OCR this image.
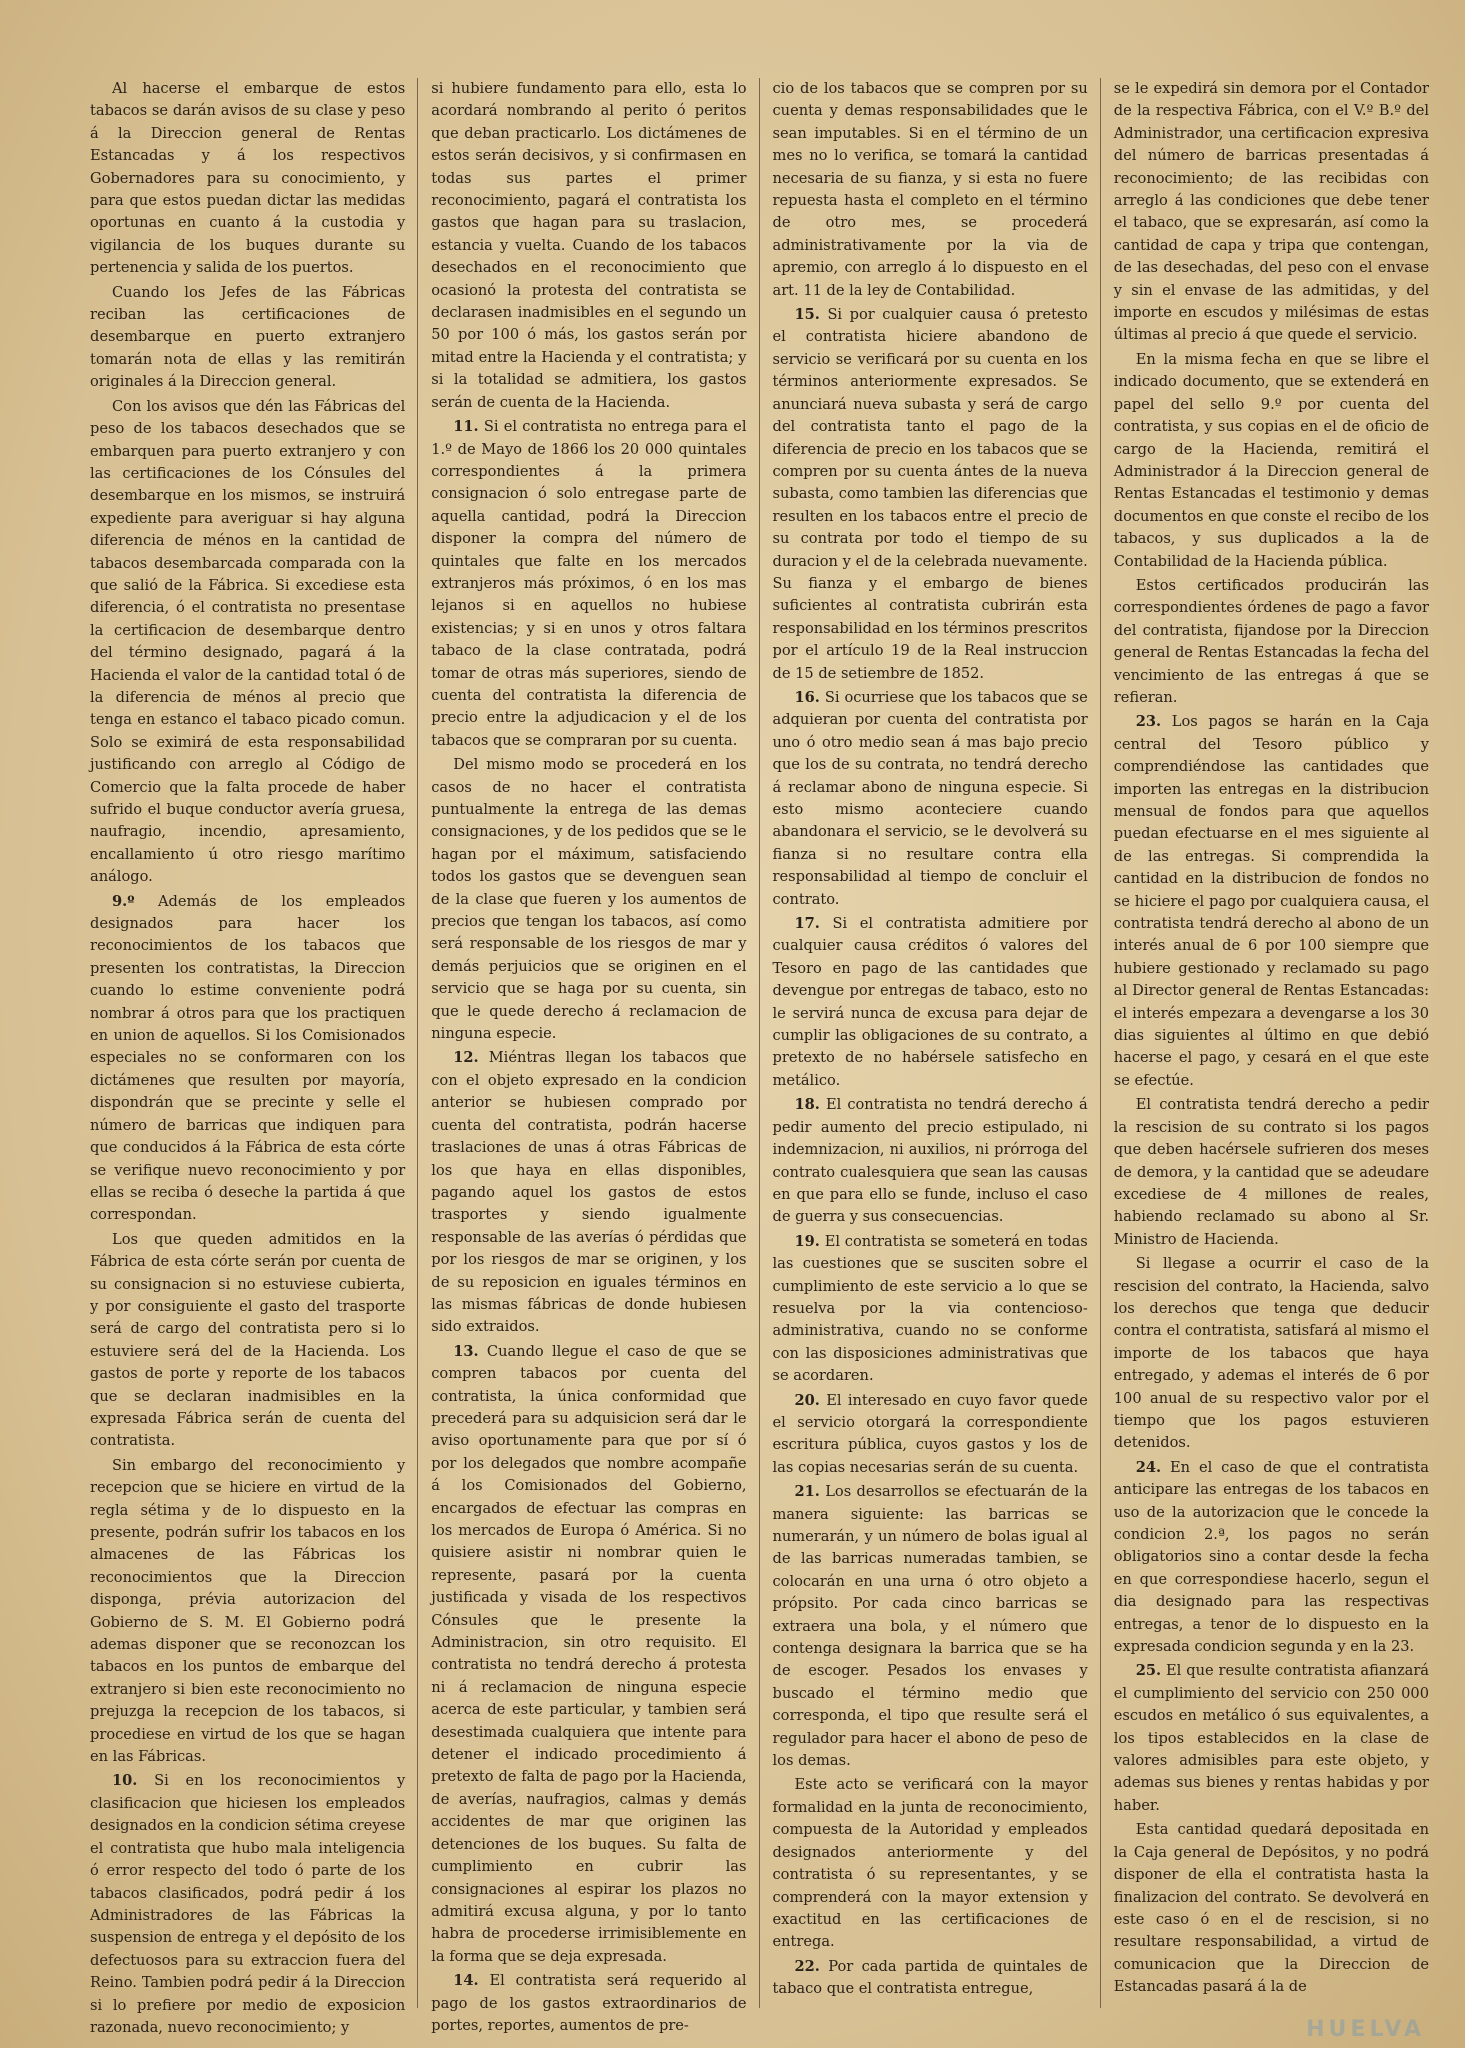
Al hacerse el embarque de estos tabacos se darán avisos de su clase y peso á la Direccion general de Rentas Estancadas y á los respectivos Gobernadores para su conocimiento, y para que estos puedan dictar las medidas oportunas en cuanto á la custodia y vigilancia de los buques durante su pertenencia y salida de los puertos.

Cuando los Jefes de las Fábricas reciban las certificaciones de desembarque en puerto extranjero tomarán nota de ellas y las remitirán originales á la Direccion general.

Con los avisos que dén las Fábricas del peso de los tabacos desechados que se embarquen para puerto extranjero y con las certificaciones de los Cónsules del desembarque en los mismos, se instruirá expediente para averiguar si hay alguna diferencia de ménos en la cantidad de tabacos desembarcada comparada con la que salió de la Fábrica. Si excediese esta diferencia, ó el contratista no presentase la certificacion de desembarque dentro del término designado, pagará á la Hacienda el valor de la cantidad total ó de la diferencia de ménos al precio que tenga en estanco el tabaco picado comun. Solo se eximirá de esta responsabilidad justificando con arreglo al Código de Comercio que la falta procede de haber sufrido el buque conductor avería gruesa, naufragio, incendio, apresamiento, encallamiento ú otro riesgo marítimo análogo.

9.º Además de los empleados designados para hacer los reconocimientos de los tabacos que presenten los contratistas, la Direccion cuando lo estime conveniente podrá nombrar á otros para que los practiquen en union de aquellos. Si los Comisionados especiales no se conformaren con los dictámenes que resulten por mayoría, dispondrán que se precinte y selle el número de barricas que indiquen para que conducidos á la Fábrica de esta córte se verifique nuevo reconocimiento y por ellas se reciba ó deseche la partida á que correspondan.

Los que queden admitidos en la Fábrica de esta córte serán por cuenta de su consignacion si no estuviese cubierta, y por consiguiente el gasto del trasporte será de cargo del contratista pero si lo estuviere será del de la Hacienda. Los gastos de porte y reporte de los tabacos que se declaran inadmisibles en la expresada Fábrica serán de cuenta del contratista.

Sin embargo del reconocimiento y recepcion que se hiciere en virtud de la regla sétima y de lo dispuesto en la presente, podrán sufrir los tabacos en los almacenes de las Fábricas los reconocimientos que la Direccion disponga, prévia autorizacion del Gobierno de S. M. El Gobierno podrá ademas disponer que se reconozcan los tabacos en los puntos de embarque del extranjero si bien este reconocimiento no prejuzga la recepcion de los tabacos, si procediese en virtud de los que se hagan en las Fábricas.

10. Si en los reconocimientos y clasificacion que hiciesen los empleados designados en la condicion sétima creyese el contratista que hubo mala inteligencia ó error respecto del todo ó parte de los tabacos clasificados, podrá pedir á los Administradores de las Fábricas la suspension de entrega y el depósito de los defectuosos para su extraccion fuera del Reino. Tambien podrá pedir á la Direccion si lo prefiere por medio de exposicion razonada, nuevo reconocimiento; y

si hubiere fundamento para ello, esta lo acordará nombrando al perito ó peritos que deban practicarlo. Los dictámenes de estos serán decisivos, y si confirmasen en todas sus partes el primer reconocimiento, pagará el contratista los gastos que hagan para su traslacion, estancia y vuelta. Cuando de los tabacos desechados en el reconocimiento que ocasionó la protesta del contratista se declarasen inadmisibles en el segundo un 50 por 100 ó más, los gastos serán por mitad entre la Hacienda y el contratista; y si la totalidad se admitiera, los gastos serán de cuenta de la Hacienda.

11. Si el contratista no entrega para el 1.º de Mayo de 1866 los 20 000 quintales correspondientes á la primera consignacion ó solo entregase parte de aquella cantidad, podrá la Direccion disponer la compra del número de quintales que falte en los mercados extranjeros más próximos, ó en los mas lejanos si en aquellos no hubiese existencias; y si en unos y otros faltara tabaco de la clase contratada, podrá tomar de otras más superiores, siendo de cuenta del contratista la diferencia de precio entre la adjudicacion y el de los tabacos que se compraran por su cuenta.

Del mismo modo se procederá en los casos de no hacer el contratista puntualmente la entrega de las demas consignaciones, y de los pedidos que se le hagan por el máximum, satisfaciendo todos los gastos que se devenguen sean de la clase que fueren y los aumentos de precios que tengan los tabacos, así como será responsable de los riesgos de mar y demás perjuicios que se originen en el servicio que se haga por su cuenta, sin que le quede derecho á reclamacion de ninguna especie.

12. Miéntras llegan los tabacos que con el objeto expresado en la condicion anterior se hubiesen comprado por cuenta del contratista, podrán hacerse traslaciones de unas á otras Fábricas de los que haya en ellas disponibles, pagando aquel los gastos de estos trasportes y siendo igualmente responsable de las averías ó pérdidas que por los riesgos de mar se originen, y los de su reposicion en iguales términos en las mismas fábricas de donde hubiesen sido extraidos.

13. Cuando llegue el caso de que se compren tabacos por cuenta del contratista, la única conformidad que precederá para su adquisicion será dar le aviso oportunamente para que por sí ó por los delegados que nombre acompañe á los Comisionados del Gobierno, encargados de efectuar las compras en los mercados de Europa ó América. Si no quisiere asistir ni nombrar quien le represente, pasará por la cuenta justificada y visada de los respectivos Cónsules que le presente la Administracion, sin otro requisito. El contratista no tendrá derecho á protesta ni á reclamacion de ninguna especie acerca de este particular, y tambien será desestimada cualquiera que intente para detener el indicado procedimiento á pretexto de falta de pago por la Hacienda, de averías, naufragios, calmas y demás accidentes de mar que originen las detenciones de los buques. Su falta de cumplimiento en cubrir las consignaciones al espirar los plazos no admitirá excusa alguna, y por lo tanto habra de procederse irrimisiblemente en la forma que se deja expresada.

14. El contratista será requerido al pago de los gastos extraordinarios de portes, reportes, aumentos de pre-

cio de los tabacos que se compren por su cuenta y demas responsabilidades que le sean imputables. Si en el término de un mes no lo verifica, se tomará la cantidad necesaria de su fianza, y si esta no fuere repuesta hasta el completo en el término de otro mes, se procederá administrativamente por la via de apremio, con arreglo á lo dispuesto en el art. 11 de la ley de Contabilidad.

15. Si por cualquier causa ó pretesto el contratista hiciere abandono de servicio se verificará por su cuenta en los términos anteriormente expresados. Se anunciará nueva subasta y será de cargo del contratista tanto el pago de la diferencia de precio en los tabacos que se compren por su cuenta ántes de la nueva subasta, como tambien las diferencias que resulten en los tabacos entre el precio de su contrata por todo el tiempo de su duracion y el de la celebrada nuevamente. Su fianza y el embargo de bienes suficientes al contratista cubrirán esta responsabilidad en los términos prescritos por el artículo 19 de la Real instruccion de 15 de setiembre de 1852.

16. Si ocurriese que los tabacos que se adquieran por cuenta del contratista por uno ó otro medio sean á mas bajo precio que los de su contrata, no tendrá derecho á reclamar abono de ninguna especie. Si esto mismo aconteciere cuando abandonara el servicio, se le devolverá su fianza si no resultare contra ella responsabilidad al tiempo de concluir el contrato.

17. Si el contratista admitiere por cualquier causa créditos ó valores del Tesoro en pago de las cantidades que devengue por entregas de tabaco, esto no le servirá nunca de excusa para dejar de cumplir las obligaciones de su contrato, a pretexto de no habérsele satisfecho en metálico.

18. El contratista no tendrá derecho á pedir aumento del precio estipulado, ni indemnizacion, ni auxilios, ni prórroga del contrato cualesquiera que sean las causas en que para ello se funde, incluso el caso de guerra y sus consecuencias.

19. El contratista se someterá en todas las cuestiones que se susciten sobre el cumplimiento de este servicio a lo que se resuelva por la via contencioso-administrativa, cuando no se conforme con las disposiciones administrativas que se acordaren.

20. El interesado en cuyo favor quede el servicio otorgará la correspondiente escritura pública, cuyos gastos y los de las copias necesarias serán de su cuenta.

21. Los desarrollos se efectuarán de la manera siguiente: las barricas se numerarán, y un número de bolas igual al de las barricas numeradas tambien, se colocarán en una urna ó otro objeto a própsito. Por cada cinco barricas se extraera una bola, y el número que contenga designara la barrica que se ha de escoger. Pesados los envases y buscado el término medio que corresponda, el tipo que resulte será el regulador para hacer el abono de peso de los demas.

Este acto se verificará con la mayor formalidad en la junta de reconocimiento, compuesta de la Autoridad y empleados designados anteriormente y del contratista ó su representantes, y se comprenderá con la mayor extension y exactitud en las certificaciones de entrega.

22. Por cada partida de quintales de tabaco que el contratista entregue,

se le expedirá sin demora por el Contador de la respectiva Fábrica, con el V.º B.º del Administrador, una certificacion expresiva del número de barricas presentadas á reconocimiento; de las recibidas con arreglo á las condiciones que debe tener el tabaco, que se expresarán, así como la cantidad de capa y tripa que contengan, de las desechadas, del peso con el envase y sin el envase de las admitidas, y del importe en escudos y milésimas de estas últimas al precio á que quede el servicio.

En la misma fecha en que se libre el indicado documento, que se extenderá en papel del sello 9.º por cuenta del contratista, y sus copias en el de oficio de cargo de la Hacienda, remitirá el Administrador á la Direccion general de Rentas Estancadas el testimonio y demas documentos en que conste el recibo de los tabacos, y sus duplicados a la de Contabilidad de la Hacienda pública.

Estos certificados producirán las correspondientes órdenes de pago a favor del contratista, fijandose por la Direccion general de Rentas Estancadas la fecha del vencimiento de las entregas á que se refieran.

23. Los pagos se harán en la Caja central del Tesoro público y comprendiéndose las cantidades que importen las entregas en la distribucion mensual de fondos para que aquellos puedan efectuarse en el mes siguiente al de las entregas. Si comprendida la cantidad en la distribucion de fondos no se hiciere el pago por cualquiera causa, el contratista tendrá derecho al abono de un interés anual de 6 por 100 siempre que hubiere gestionado y reclamado su pago al Director general de Rentas Estancadas: el interés empezara a devengarse a los 30 dias siguientes al último en que debió hacerse el pago, y cesará en el que este se efectúe.

El contratista tendrá derecho a pedir la rescision de su contrato si los pagos que deben hacérsele sufrieren dos meses de demora, y la cantidad que se adeudare excediese de 4 millones de reales, habiendo reclamado su abono al Sr. Ministro de Hacienda.

Si llegase a ocurrir el caso de la rescision del contrato, la Hacienda, salvo los derechos que tenga que deducir contra el contratista, satisfará al mismo el importe de los tabacos que haya entregado, y ademas el interés de 6 por 100 anual de su respectivo valor por el tiempo que los pagos estuvieren detenidos.

24. En el caso de que el contratista anticipare las entregas de los tabacos en uso de la autorizacion que le concede la condicion 2.ª, los pagos no serán obligatorios sino a contar desde la fecha en que correspondiese hacerlo, segun el dia designado para las respectivas entregas, a tenor de lo dispuesto en la expresada condicion segunda y en la 23.

25. El que resulte contratista afianzará el cumplimiento del servicio con 250 000 escudos en metálico ó sus equivalentes, a los tipos establecidos en la clase de valores admisibles para este objeto, y ademas sus bienes y rentas habidas y por haber.

Esta cantidad quedará depositada en la Caja general de Depósitos, y no podrá disponer de ella el contratista hasta la finalizacion del contrato. Se devolverá en este caso ó en el de rescision, si no resultare responsabilidad, a virtud de comunicacion que la Direccion de Estancadas pasará á la de

HUELVA
